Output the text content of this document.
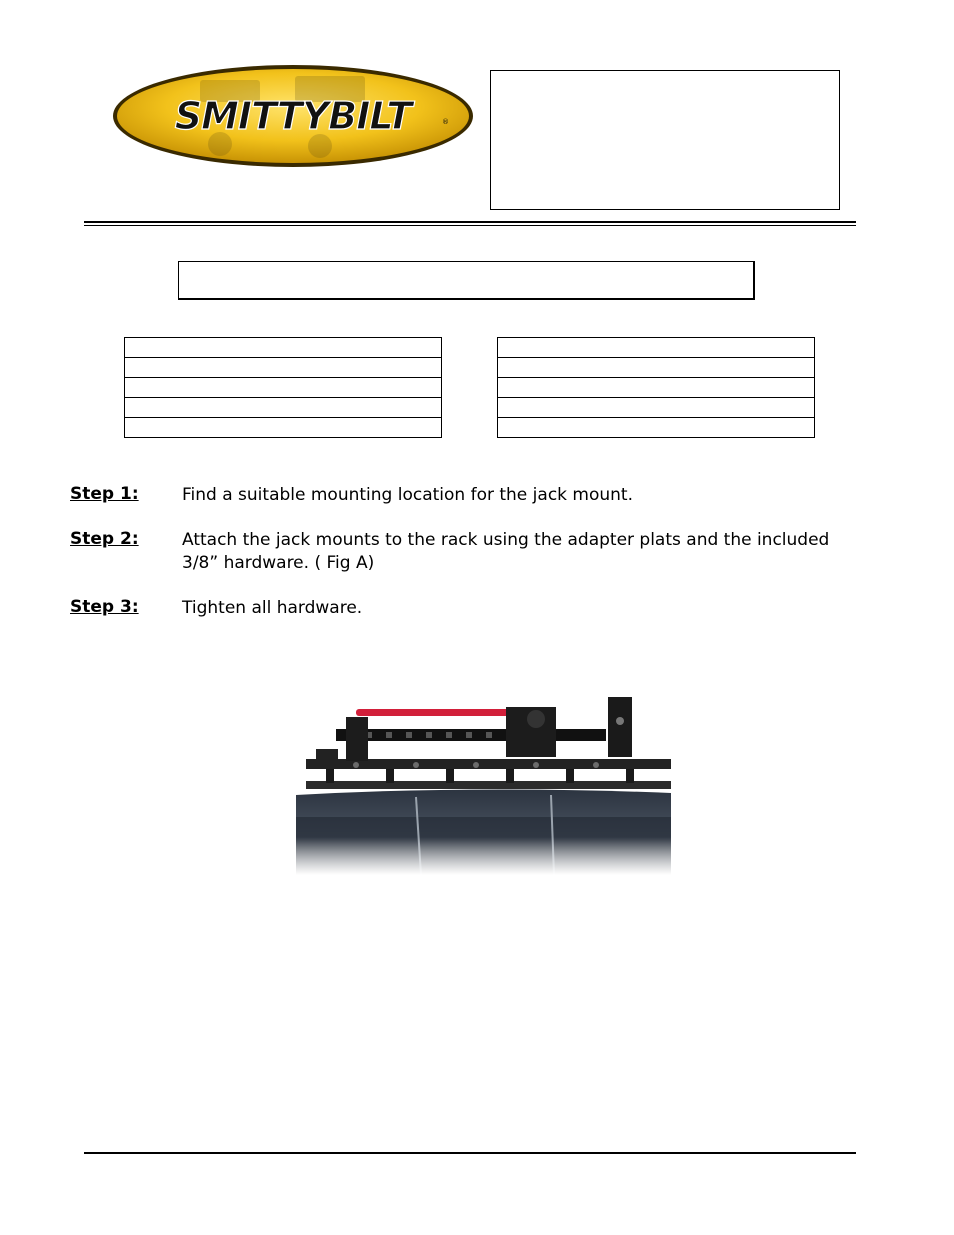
SMITTYBILT	®

Step 1:	Find a suitable mounting location for the jack mount.
Step 2:	Attach the jack mounts to the rack using the adapter plats and the included 3/8” hardware. ( Fig A)
Step 3:	Tighten all hardware.
